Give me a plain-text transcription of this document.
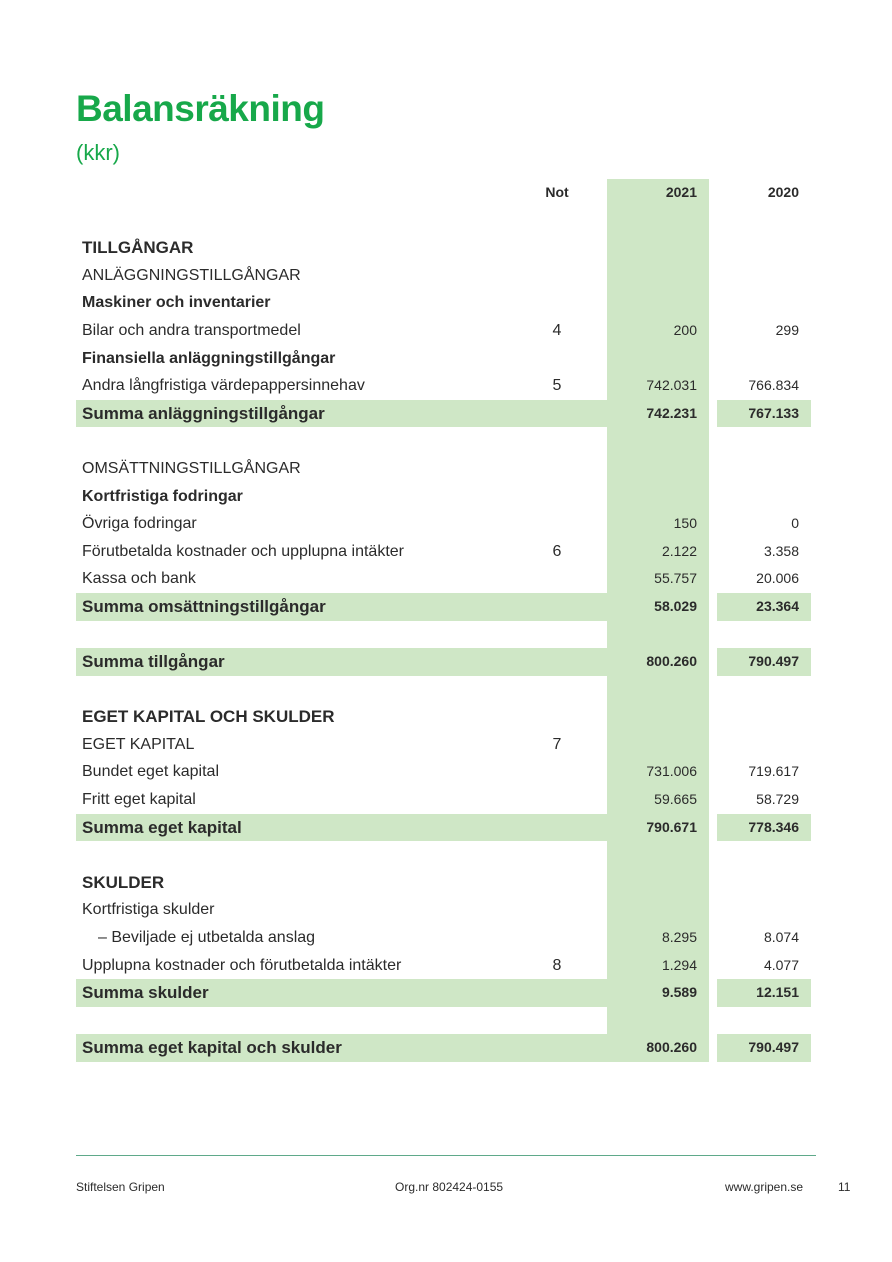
Balansräkning
(kkr)
Not	2021	2020
TILLGÅNGAR
ANLÄGGNINGSTILLGÅNGAR
Maskiner och inventarier
Bilar och andra transportmedel	4	200	299
Finansiella anläggningstillgångar
Andra långfristiga värdepappersinnehav	5	742.031	766.834
Summa anläggningstillgångar	742.231	767.133
OMSÄTTNINGSTILLGÅNGAR
Kortfristiga fodringar
Övriga fodringar	150	0
Förutbetalda kostnader och upplupna intäkter	6	2.122	3.358
Kassa och bank	55.757	20.006
Summa omsättningstillgångar	58.029	23.364
Summa tillgångar	800.260	790.497
EGET KAPITAL OCH SKULDER
EGET KAPITAL	7
Bundet eget kapital	731.006	719.617
Fritt eget kapital	59.665	58.729
Summa eget kapital	790.671	778.346
SKULDER
Kortfristiga skulder
– Beviljade ej utbetalda anslag	8.295	8.074
Upplupna kostnader och förutbetalda intäkter	8	1.294	4.077
Summa skulder	9.589	12.151
Summa eget kapital och skulder	800.260	790.497
Stiftelsen Gripen	Org.nr 802424-0155	www.gripen.se	11
